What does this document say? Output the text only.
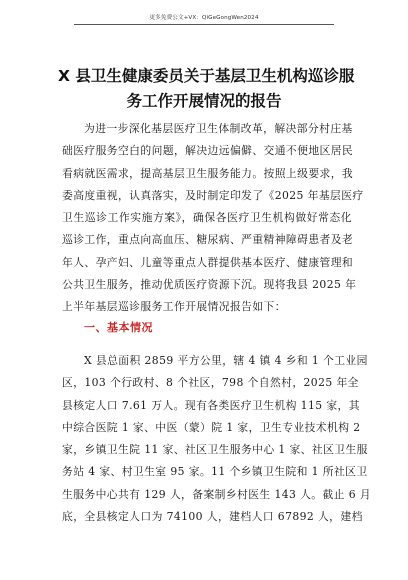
更多免费公文+VX：QiGeGongWen2024
X 县卫生健康委员关于基层卫生机构巡诊服
务工作开展情况的报告
为进一步深化基层医疗卫生体制改革，解决部分村庄基
础医疗服务空白的问题，解决边远偏僻、交通不便地区居民
看病就医需求，提高基层卫生服务能力。按照上级要求，我
委高度重视，认真落实，及时制定印发了《2025 年基层医疗
卫生巡诊工作实施方案》，确保各医疗卫生机构做好常态化
巡诊工作，重点向高血压、糖尿病、严重精神障碍患者及老
年人、孕产妇、儿童等重点人群提供基本医疗、健康管理和
公共卫生服务，推动优质医疗资源下沉。现将我县 2025 年
上半年基层巡诊服务工作开展情况报告如下：
一、基本情况
X 县总面积 2859 平方公里，辖 4 镇 4 乡和 1 个工业园
区，103 个行政村、8 个社区，798 个自然村，2025 年全
县核定人口 7.61 万人。现有各类医疗卫生机构 115 家，其
中综合医院 1 家、中医（蒙）院 1 家，卫生专业技术机构 2
家，乡镇卫生院 11 家、社区卫生服务中心 1 家、社区卫生服
务站 4 家、村卫生室 95 家。11 个乡镇卫生院和 1 所社区卫
生服务中心共有 129 人，备案制乡村医生 143 人。截止 6 月
底，全县核定人口为 74100 人，建档人口 67892 人，建档
